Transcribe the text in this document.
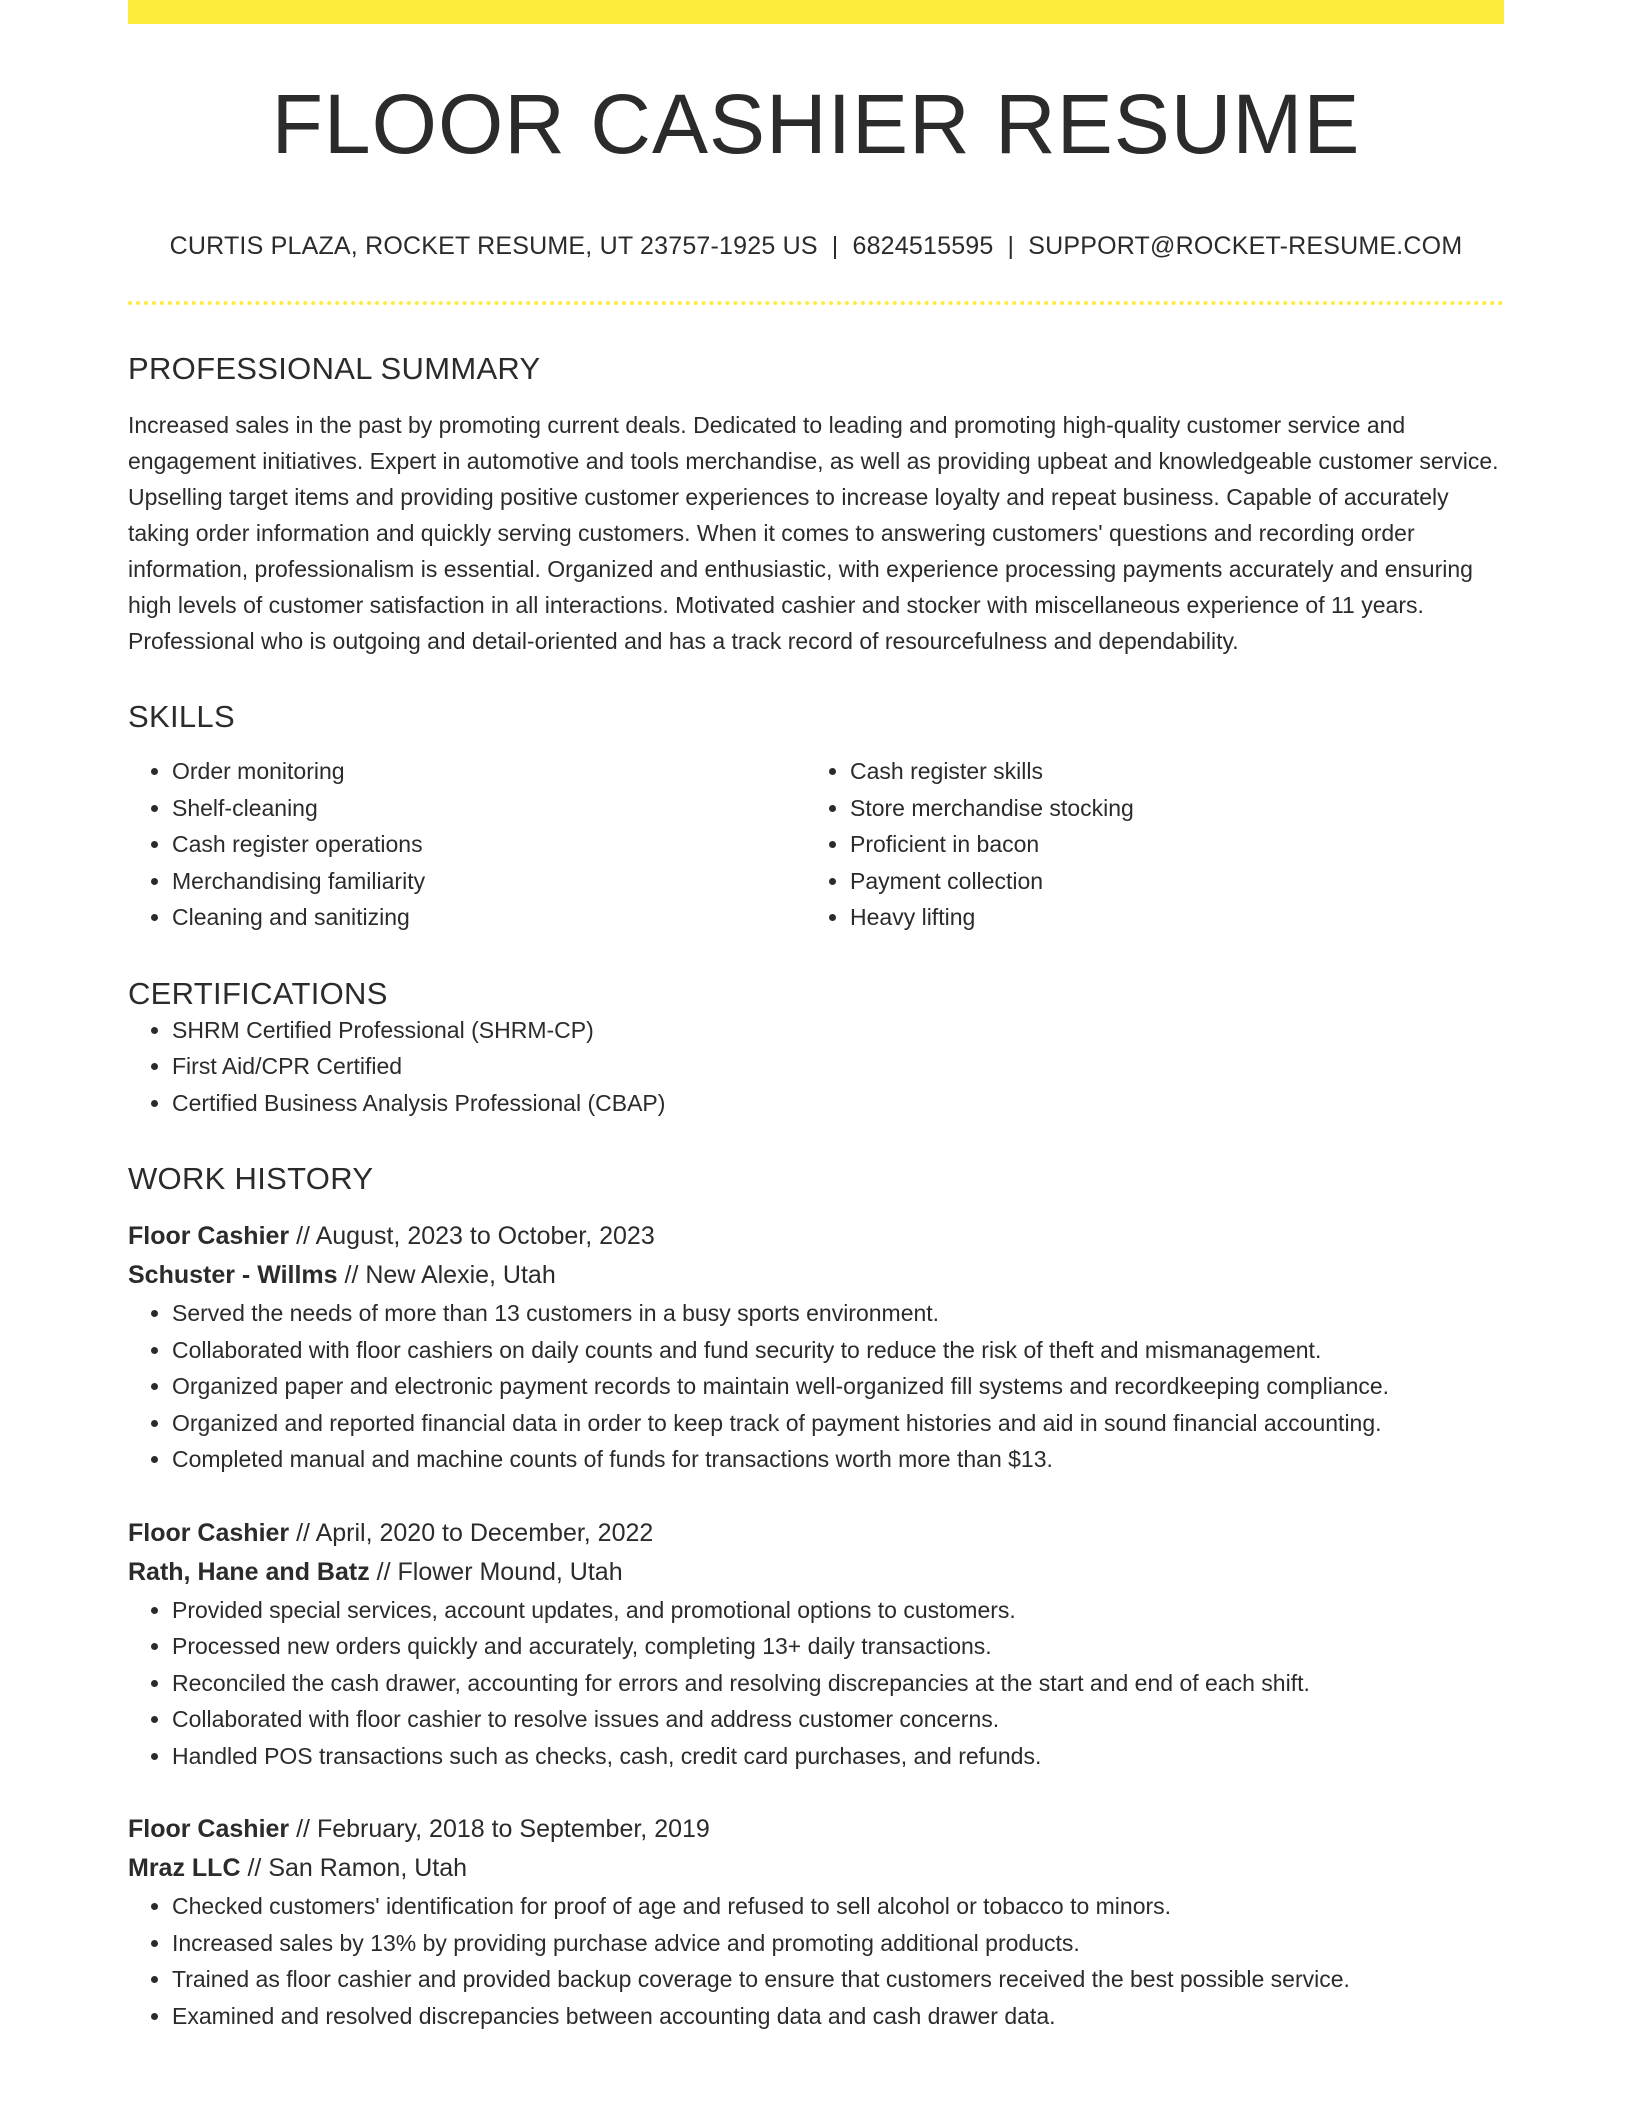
FLOOR CASHIER RESUME
CURTIS PLAZA, ROCKET RESUME, UT 23757-1925 US | 6824515595 | SUPPORT@ROCKET-RESUME.COM
PROFESSIONAL SUMMARY
Increased sales in the past by promoting current deals. Dedicated to leading and promoting high-quality customer service and engagement initiatives. Expert in automotive and tools merchandise, as well as providing upbeat and knowledgeable customer service. Upselling target items and providing positive customer experiences to increase loyalty and repeat business. Capable of accurately taking order information and quickly serving customers. When it comes to answering customers' questions and recording order information, professionalism is essential. Organized and enthusiastic, with experience processing payments accurately and ensuring high levels of customer satisfaction in all interactions. Motivated cashier and stocker with miscellaneous experience of 11 years. Professional who is outgoing and detail-oriented and has a track record of resourcefulness and dependability.
SKILLS
• Order monitoring
• Shelf-cleaning
• Cash register operations
• Merchandising familiarity
• Cleaning and sanitizing
• Cash register skills
• Store merchandise stocking
• Proficient in bacon
• Payment collection
• Heavy lifting
CERTIFICATIONS
• SHRM Certified Professional (SHRM-CP)
• First Aid/CPR Certified
• Certified Business Analysis Professional (CBAP)
WORK HISTORY
Floor Cashier // August, 2023 to October, 2023
Schuster - Willms // New Alexie, Utah
• Served the needs of more than 13 customers in a busy sports environment.
• Collaborated with floor cashiers on daily counts and fund security to reduce the risk of theft and mismanagement.
• Organized paper and electronic payment records to maintain well-organized fill systems and recordkeeping compliance.
• Organized and reported financial data in order to keep track of payment histories and aid in sound financial accounting.
• Completed manual and machine counts of funds for transactions worth more than $13.
Floor Cashier // April, 2020 to December, 2022
Rath, Hane and Batz // Flower Mound, Utah
• Provided special services, account updates, and promotional options to customers.
• Processed new orders quickly and accurately, completing 13+ daily transactions.
• Reconciled the cash drawer, accounting for errors and resolving discrepancies at the start and end of each shift.
• Collaborated with floor cashier to resolve issues and address customer concerns.
• Handled POS transactions such as checks, cash, credit card purchases, and refunds.
Floor Cashier // February, 2018 to September, 2019
Mraz LLC // San Ramon, Utah
• Checked customers' identification for proof of age and refused to sell alcohol or tobacco to minors.
• Increased sales by 13% by providing purchase advice and promoting additional products.
• Trained as floor cashier and provided backup coverage to ensure that customers received the best possible service.
• Examined and resolved discrepancies between accounting data and cash drawer data.
